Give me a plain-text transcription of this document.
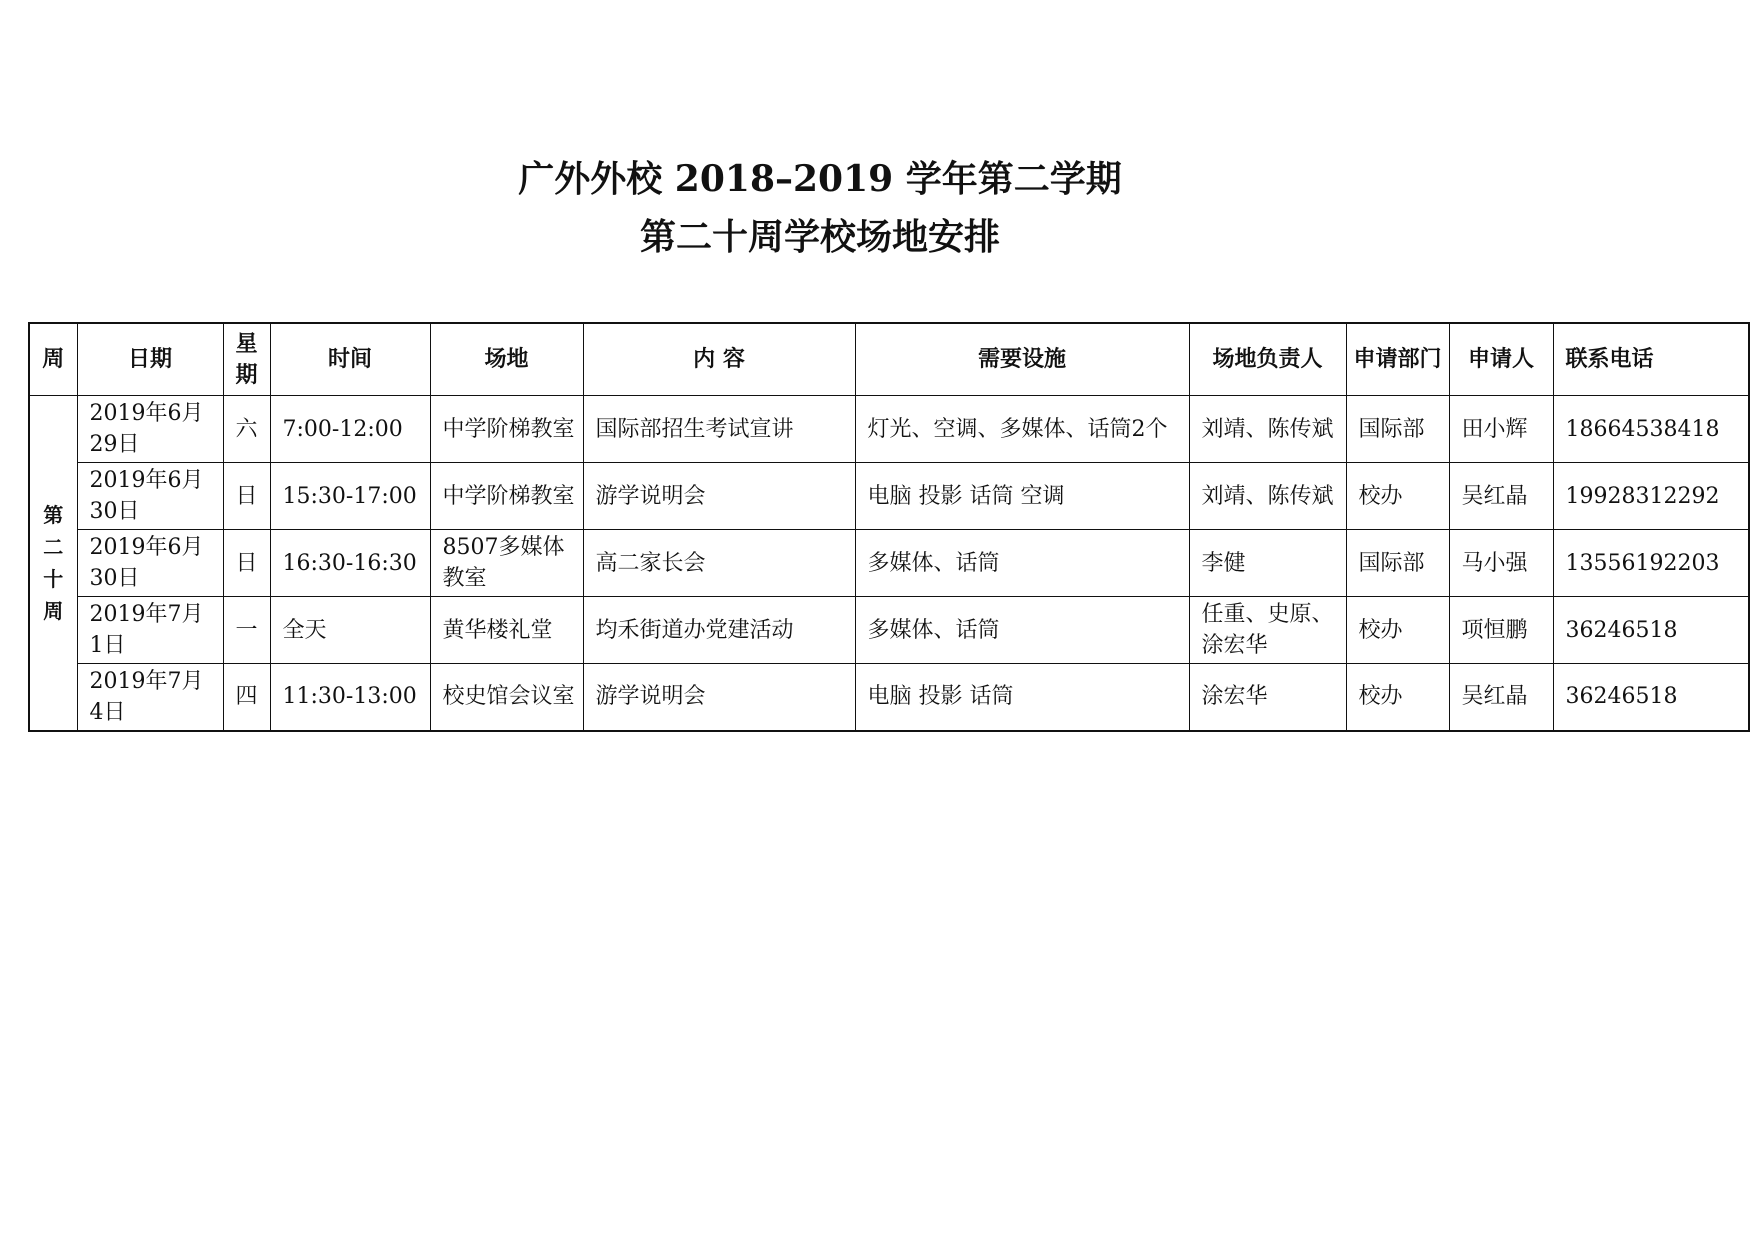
广外外校 2018–2019 学年第二学期
第二十周学校场地安排
周	日期	星期	时间	场地	内 容	需要设施	场地负责人	申请部门	申请人	联系电话

第
二
十
周	2019年6月29日	六	7:00-12:00	中学阶梯教室	国际部招生考试宣讲	灯光、空调、多媒体、话筒2个	刘靖、陈传斌	国际部	田小辉	18664538418
	2019年6月30日	日	15:30-17:00	中学阶梯教室	游学说明会	电脑 投影 话筒 空调	刘靖、陈传斌	校办	吴红晶	19928312292
	2019年6月30日	日	16:30-16:30	8507多媒体教室	高二家长会	多媒体、话筒	李健	国际部	马小强	13556192203
	2019年7月1日	一	全天	黄华楼礼堂	均禾街道办党建活动	多媒体、话筒	任重、史原、涂宏华	校办	项恒鹏	36246518
	2019年7月4日	四	11:30-13:00	校史馆会议室	游学说明会	电脑 投影 话筒	涂宏华	校办	吴红晶	36246518
